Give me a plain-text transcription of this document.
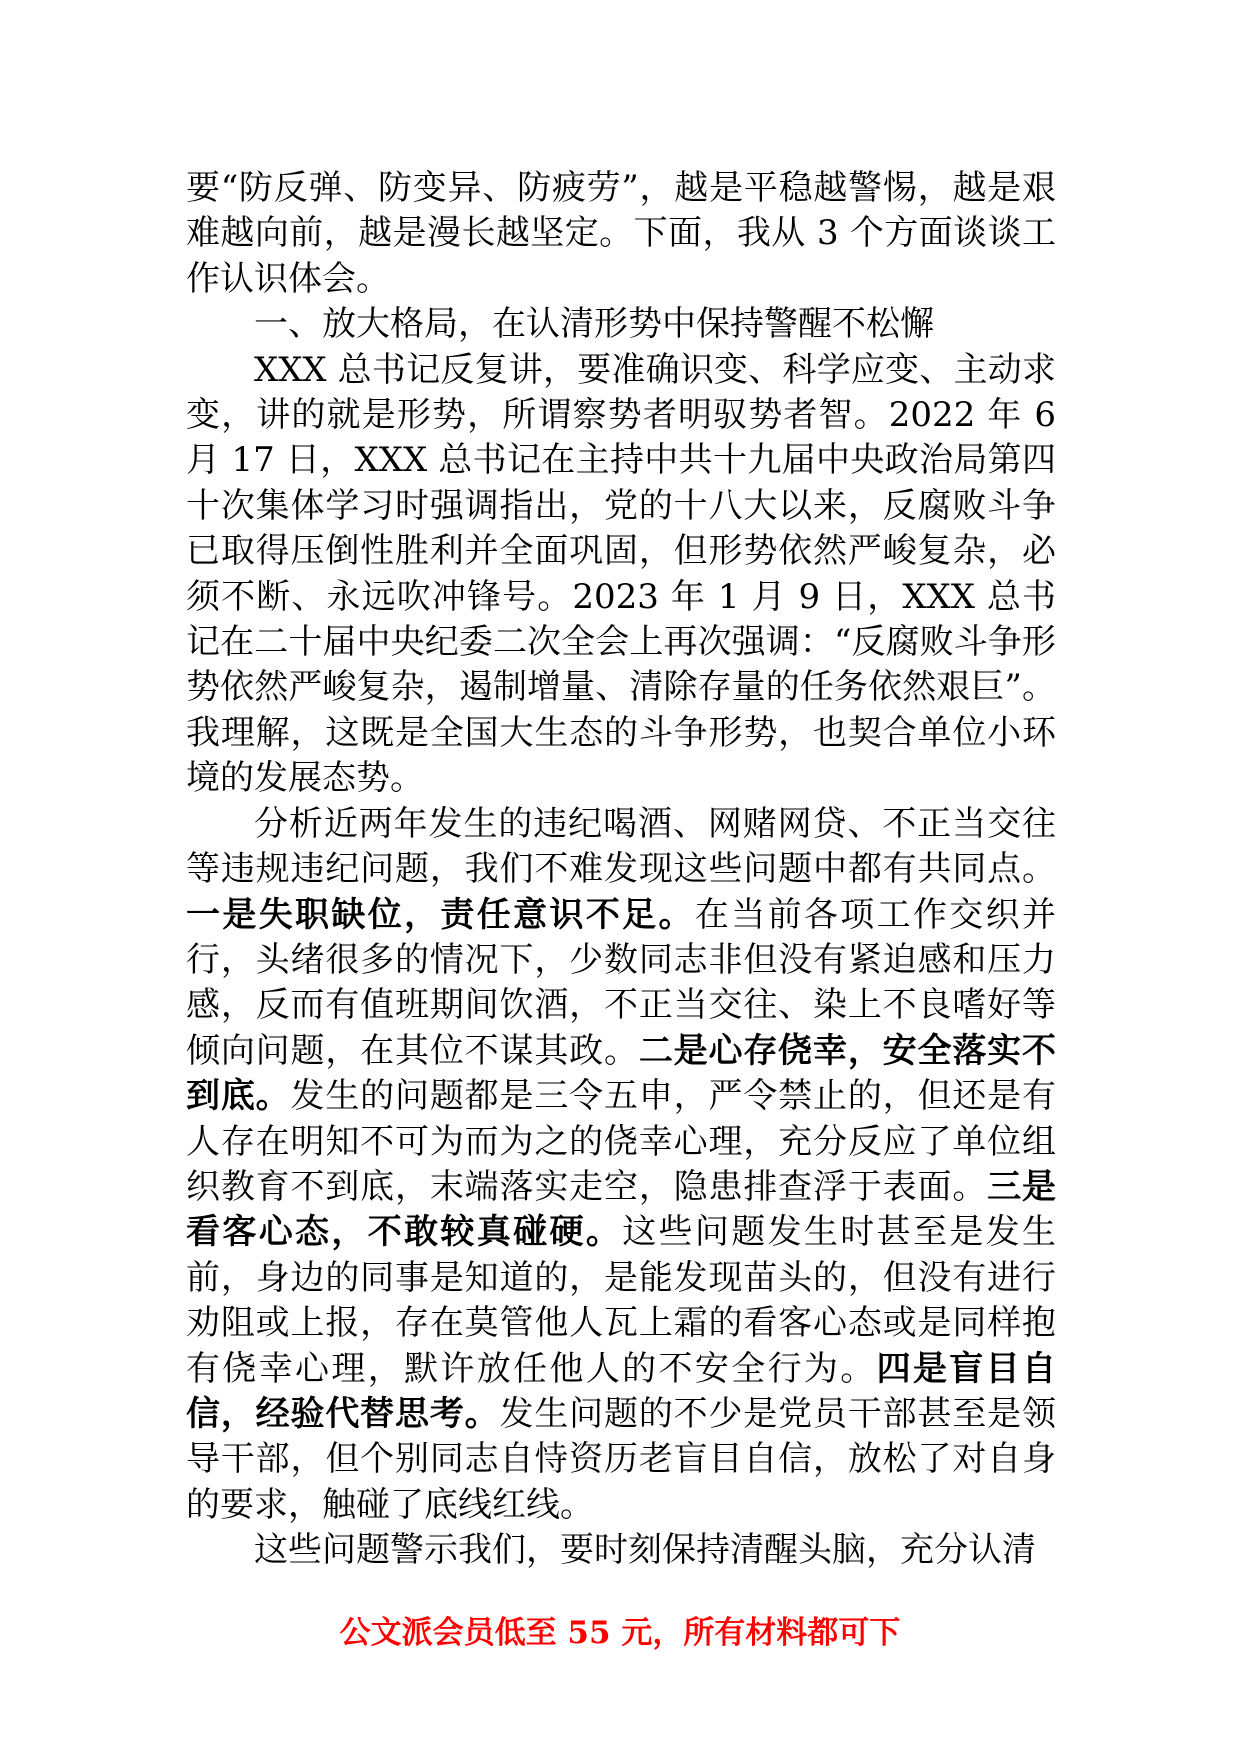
要“防反弹、防变异、防疲劳”，越是平稳越警惕，越是艰难越向前，越是漫长越坚定。下面，我从 3 个方面谈谈工作认识体会。

一、放大格局，在认清形势中保持警醒不松懈

XXX 总书记反复讲，要准确识变、科学应变、主动求变，讲的就是形势，所谓察势者明驭势者智。2022 年 6 月 17 日，XXX 总书记在主持中共十九届中央政治局第四十次集体学习时强调指出，党的十八大以来，反腐败斗争已取得压倒性胜利并全面巩固，但形势依然严峻复杂，必须不断、永远吹冲锋号。2023 年 1 月 9 日，XXX 总书记在二十届中央纪委二次全会上再次强调：“反腐败斗争形势依然严峻复杂，遏制增量、清除存量的任务依然艰巨”。我理解，这既是全国大生态的斗争形势，也契合单位小环境的发展态势。

分析近两年发生的违纪喝酒、网赌网贷、不正当交往等违规违纪问题，我们不难发现这些问题中都有共同点。一是失职缺位，责任意识不足。在当前各项工作交织并行，头绪很多的情况下，少数同志非但没有紧迫感和压力感，反而有值班期间饮酒，不正当交往、染上不良嗜好等倾向问题，在其位不谋其政。二是心存侥幸，安全落实不到底。发生的问题都是三令五申，严令禁止的，但还是有人存在明知不可为而为之的侥幸心理，充分反应了单位组织教育不到底，末端落实走空，隐患排查浮于表面。三是看客心态，不敢较真碰硬。这些问题发生时甚至是发生前，身边的同事是知道的，是能发现苗头的，但没有进行劝阻或上报，存在莫管他人瓦上霜的看客心态或是同样抱有侥幸心理，默许放任他人的不安全行为。四是盲目自信，经验代替思考。发生问题的不少是党员干部甚至是领导干部，但个别同志自恃资历老盲目自信，放松了对自身的要求，触碰了底线红线。

这些问题警示我们，要时刻保持清醒头脑，充分认清

公文派会员低至 55 元，所有材料都可下
